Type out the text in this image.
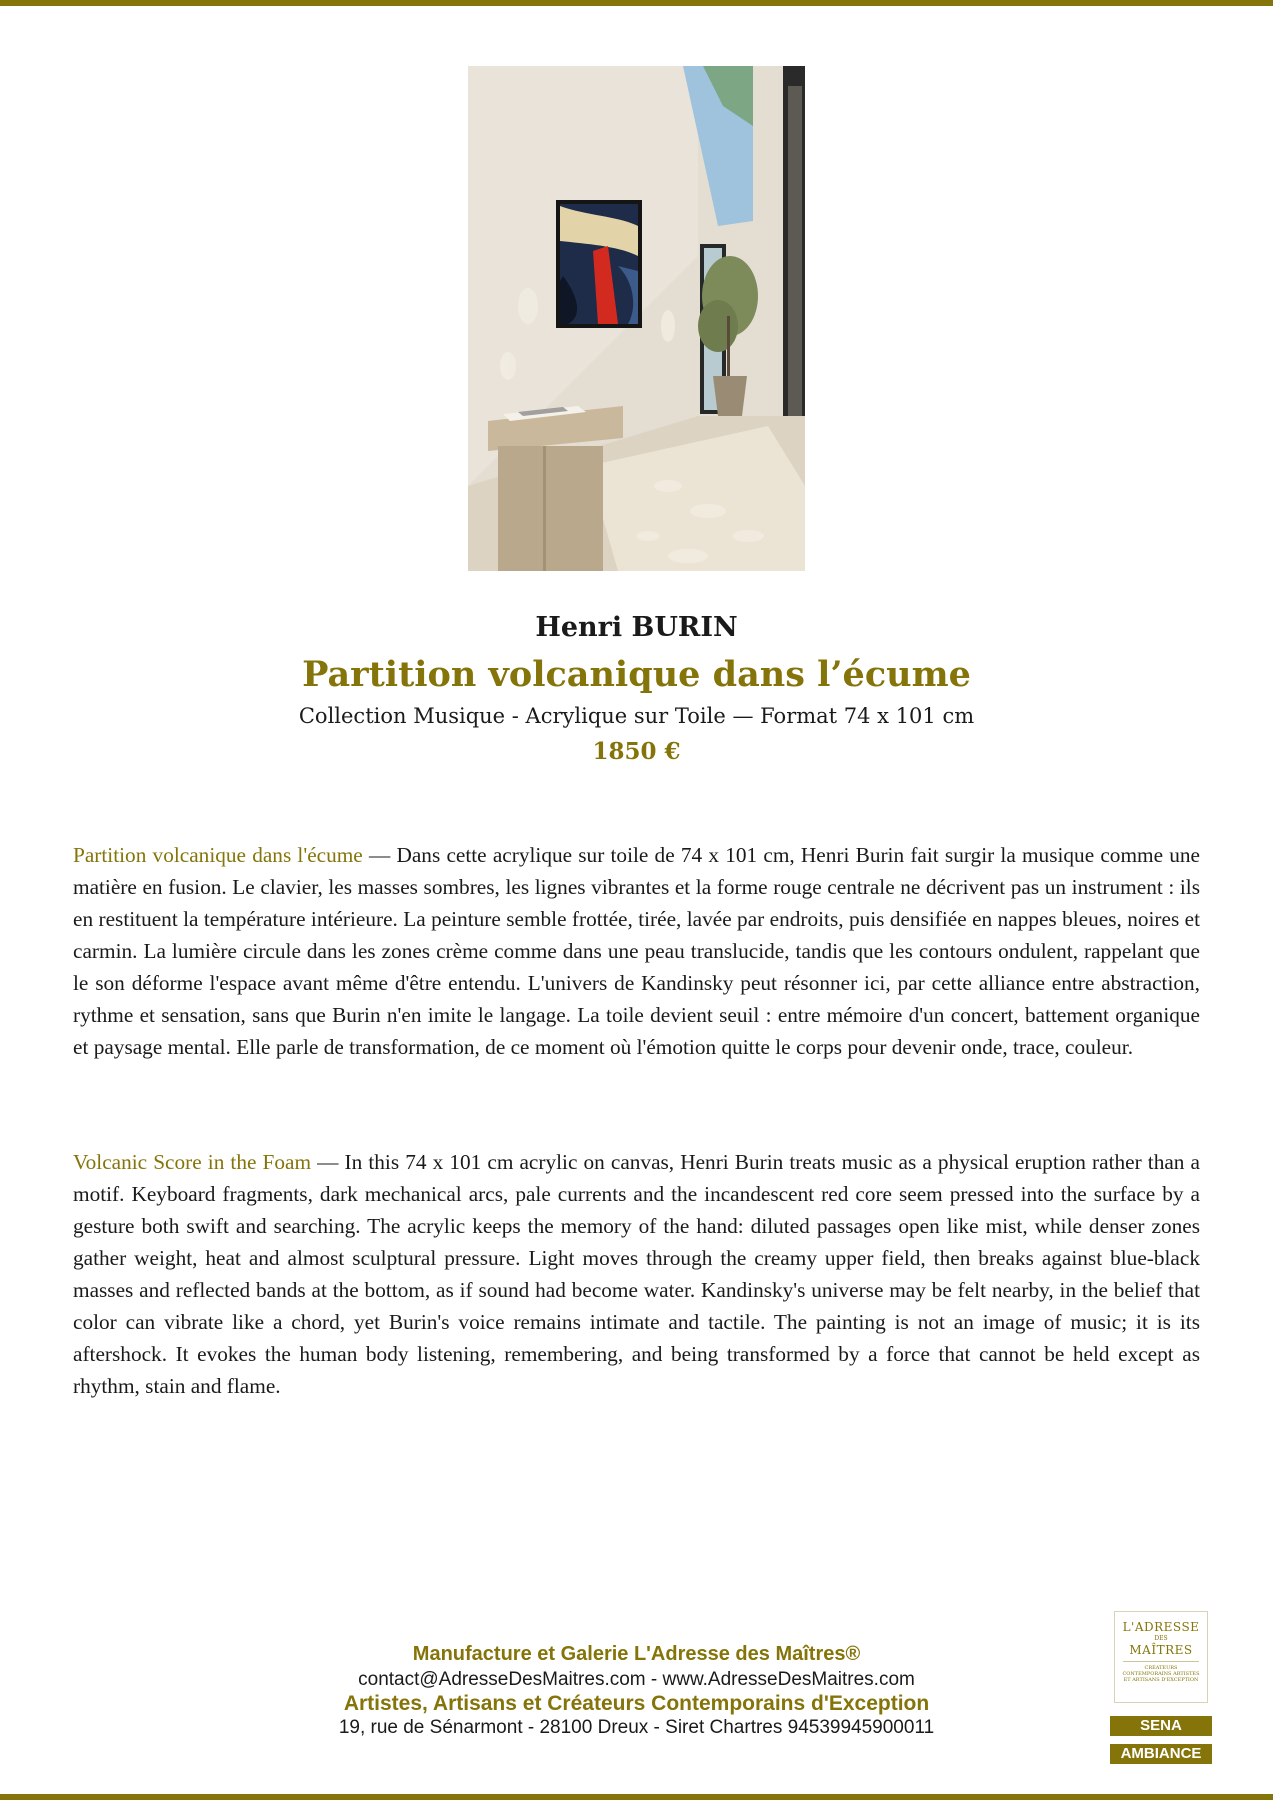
Henri BURIN
Partition volcanique dans l’écume
Collection Musique - Acrylique sur Toile — Format 74 x 101 cm
1850 €

Partition volcanique dans l'écume — Dans cette acrylique sur toile de 74 x 101 cm, Henri Burin fait surgir la musique comme une matière en fusion. Le clavier, les masses sombres, les lignes vibrantes et la forme rouge centrale ne décrivent pas un instrument : ils en restituent la température intérieure. La peinture semble frottée, tirée, lavée par endroits, puis densifiée en nappes bleues, noires et carmin. La lumière circule dans les zones crème comme dans une peau translucide, tandis que les contours ondulent, rappelant que le son déforme l'espace avant même d'être entendu. L'univers de Kandinsky peut résonner ici, par cette alliance entre abstraction, rythme et sensation, sans que Burin n'en imite le langage. La toile devient seuil : entre mémoire d'un concert, battement organique et paysage mental. Elle parle de transformation, de ce moment où l'émotion quitte le corps pour devenir onde, trace, couleur.

Volcanic Score in the Foam — In this 74 x 101 cm acrylic on canvas, Henri Burin treats music as a physical eruption rather than a motif. Keyboard fragments, dark mechanical arcs, pale currents and the incandescent red core seem pressed into the surface by a gesture both swift and searching. The acrylic keeps the memory of the hand: diluted passages open like mist, while denser zones gather weight, heat and almost sculptural pressure. Light moves through the creamy upper field, then breaks against blue-black masses and reflected bands at the bottom, as if sound had become water. Kandinsky's universe may be felt nearby, in the belief that color can vibrate like a chord, yet Burin's voice remains intimate and tactile. The painting is not an image of music; it is its aftershock. It evokes the human body listening, remembering, and being transformed by a force that cannot be held except as rhythm, stain and flame.

Manufacture et Galerie L'Adresse des Maîtres®
contact@AdresseDesMaitres.com - www.AdresseDesMaitres.com
Artistes, Artisans et Créateurs Contemporains d'Exception
19, rue de Sénarmont - 28100 Dreux - Siret Chartres 94539945900011
L'ADRESSE
DES
MAÎTRES
CRÉATEURS CONTEMPORAINS ARTISTES ET ARTISANS D'EXCEPTION
SENA
AMBIANCE
